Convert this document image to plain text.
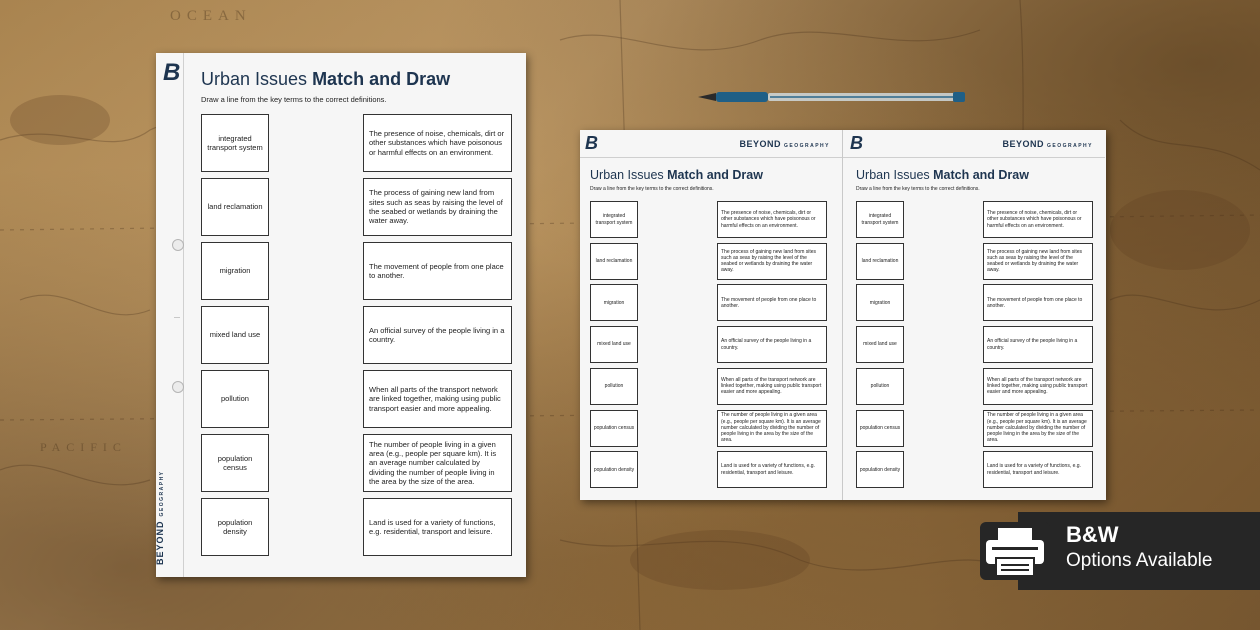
OCEAN
PACIFIC
B
BEYONDGEOGRAPHY
Urban Issues Match and Draw
Draw a line from the key terms to the correct definitions.
integrated transport system
The presence of noise, chemicals, dirt or other substances which have poisonous or harmful effects on an environment.
land reclamation
The process of gaining new land from sites such as seas by raising the level of the seabed or wetlands by draining the water away.
migration
The movement of people from one place to another.
mixed land use
An official survey of the people living in a country.
pollution
When all parts of the transport network are linked together, making using public transport easier and more appealing.
population census
The number of people living in a given area (e.g., people per square km). It is an average number calculated by dividing the number of people living in the area by the size of the area.
population density
Land is used for a variety of functions, e.g. residential, transport and leisure.
B	BEYOND GEOGRAPHY B	BEYOND GEOGRAPHY
Urban Issues Match and Draw
Draw a line from the key terms to the correct definitions.
Urban Issues Match and Draw
Draw a line from the key terms to the correct definitions.
integrated transport system
The presence of noise, chemicals, dirt or other substances which have poisonous or harmful effects on an environment.
land reclamation
The process of gaining new land from sites such as seas by raising the level of the seabed or wetlands by draining the water away.
migration
The movement of people from one place to another.
mixed land use
An official survey of the people living in a country.
pollution
When all parts of the transport network are linked together, making using public transport easier and more appealing.
population census
The number of people living in a given area (e.g., people per square km). It is an average number calculated by dividing the number of people living in the area by the size of the area.
population density
Land is used for a variety of functions, e.g. residential, transport and leisure.
integrated transport system
The presence of noise, chemicals, dirt or other substances which have poisonous or harmful effects on an environment.
land reclamation
The process of gaining new land from sites such as seas by raising the level of the seabed or wetlands by draining the water away.
migration
The movement of people from one place to another.
mixed land use
An official survey of the people living in a country.
pollution
When all parts of the transport network are linked together, making using public transport easier and more appealing.
population census
The number of people living in a given area (e.g., people per square km). It is an average number calculated by dividing the number of people living in the area by the size of the area.
population density
Land is used for a variety of functions, e.g. residential, transport and leisure.
B&W
Options Available
